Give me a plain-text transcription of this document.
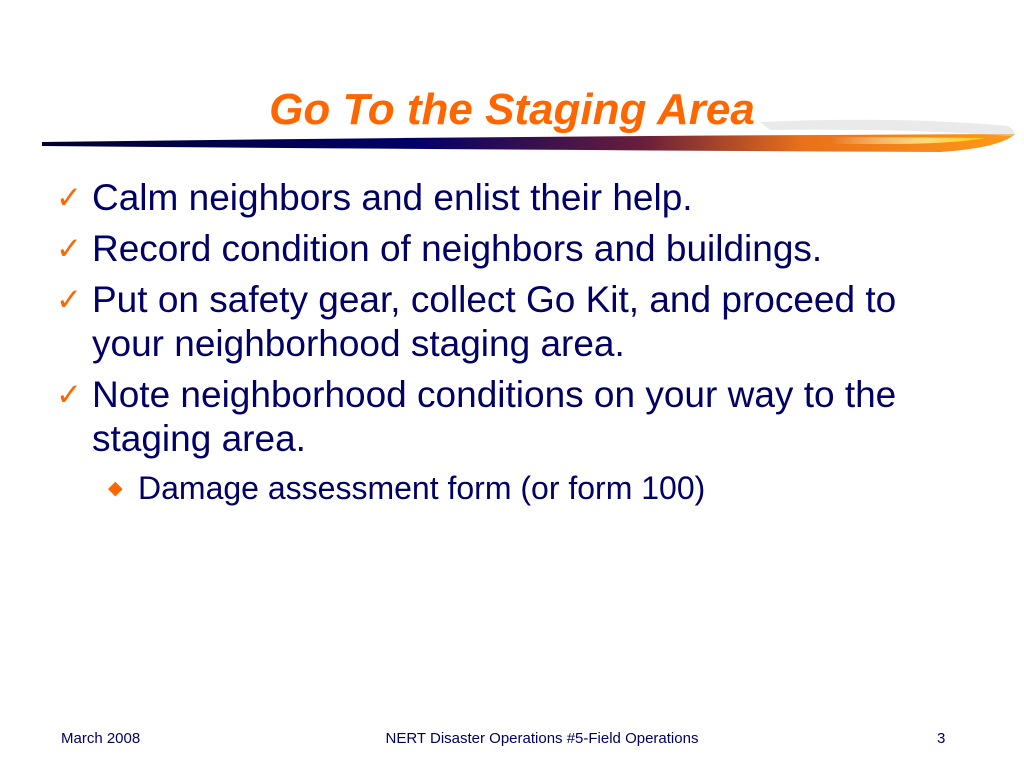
Go To the Staging Area
✓ Calm neighbors and enlist their help.
✓ Record condition of neighbors and buildings.
✓ Put on safety gear, collect Go Kit, and proceed to your neighborhood staging area.
✓ Note neighborhood conditions on your way to the staging area.
◆ Damage assessment form (or form 100)
March 2008	NERT Disaster Operations #5-Field Operations	3
